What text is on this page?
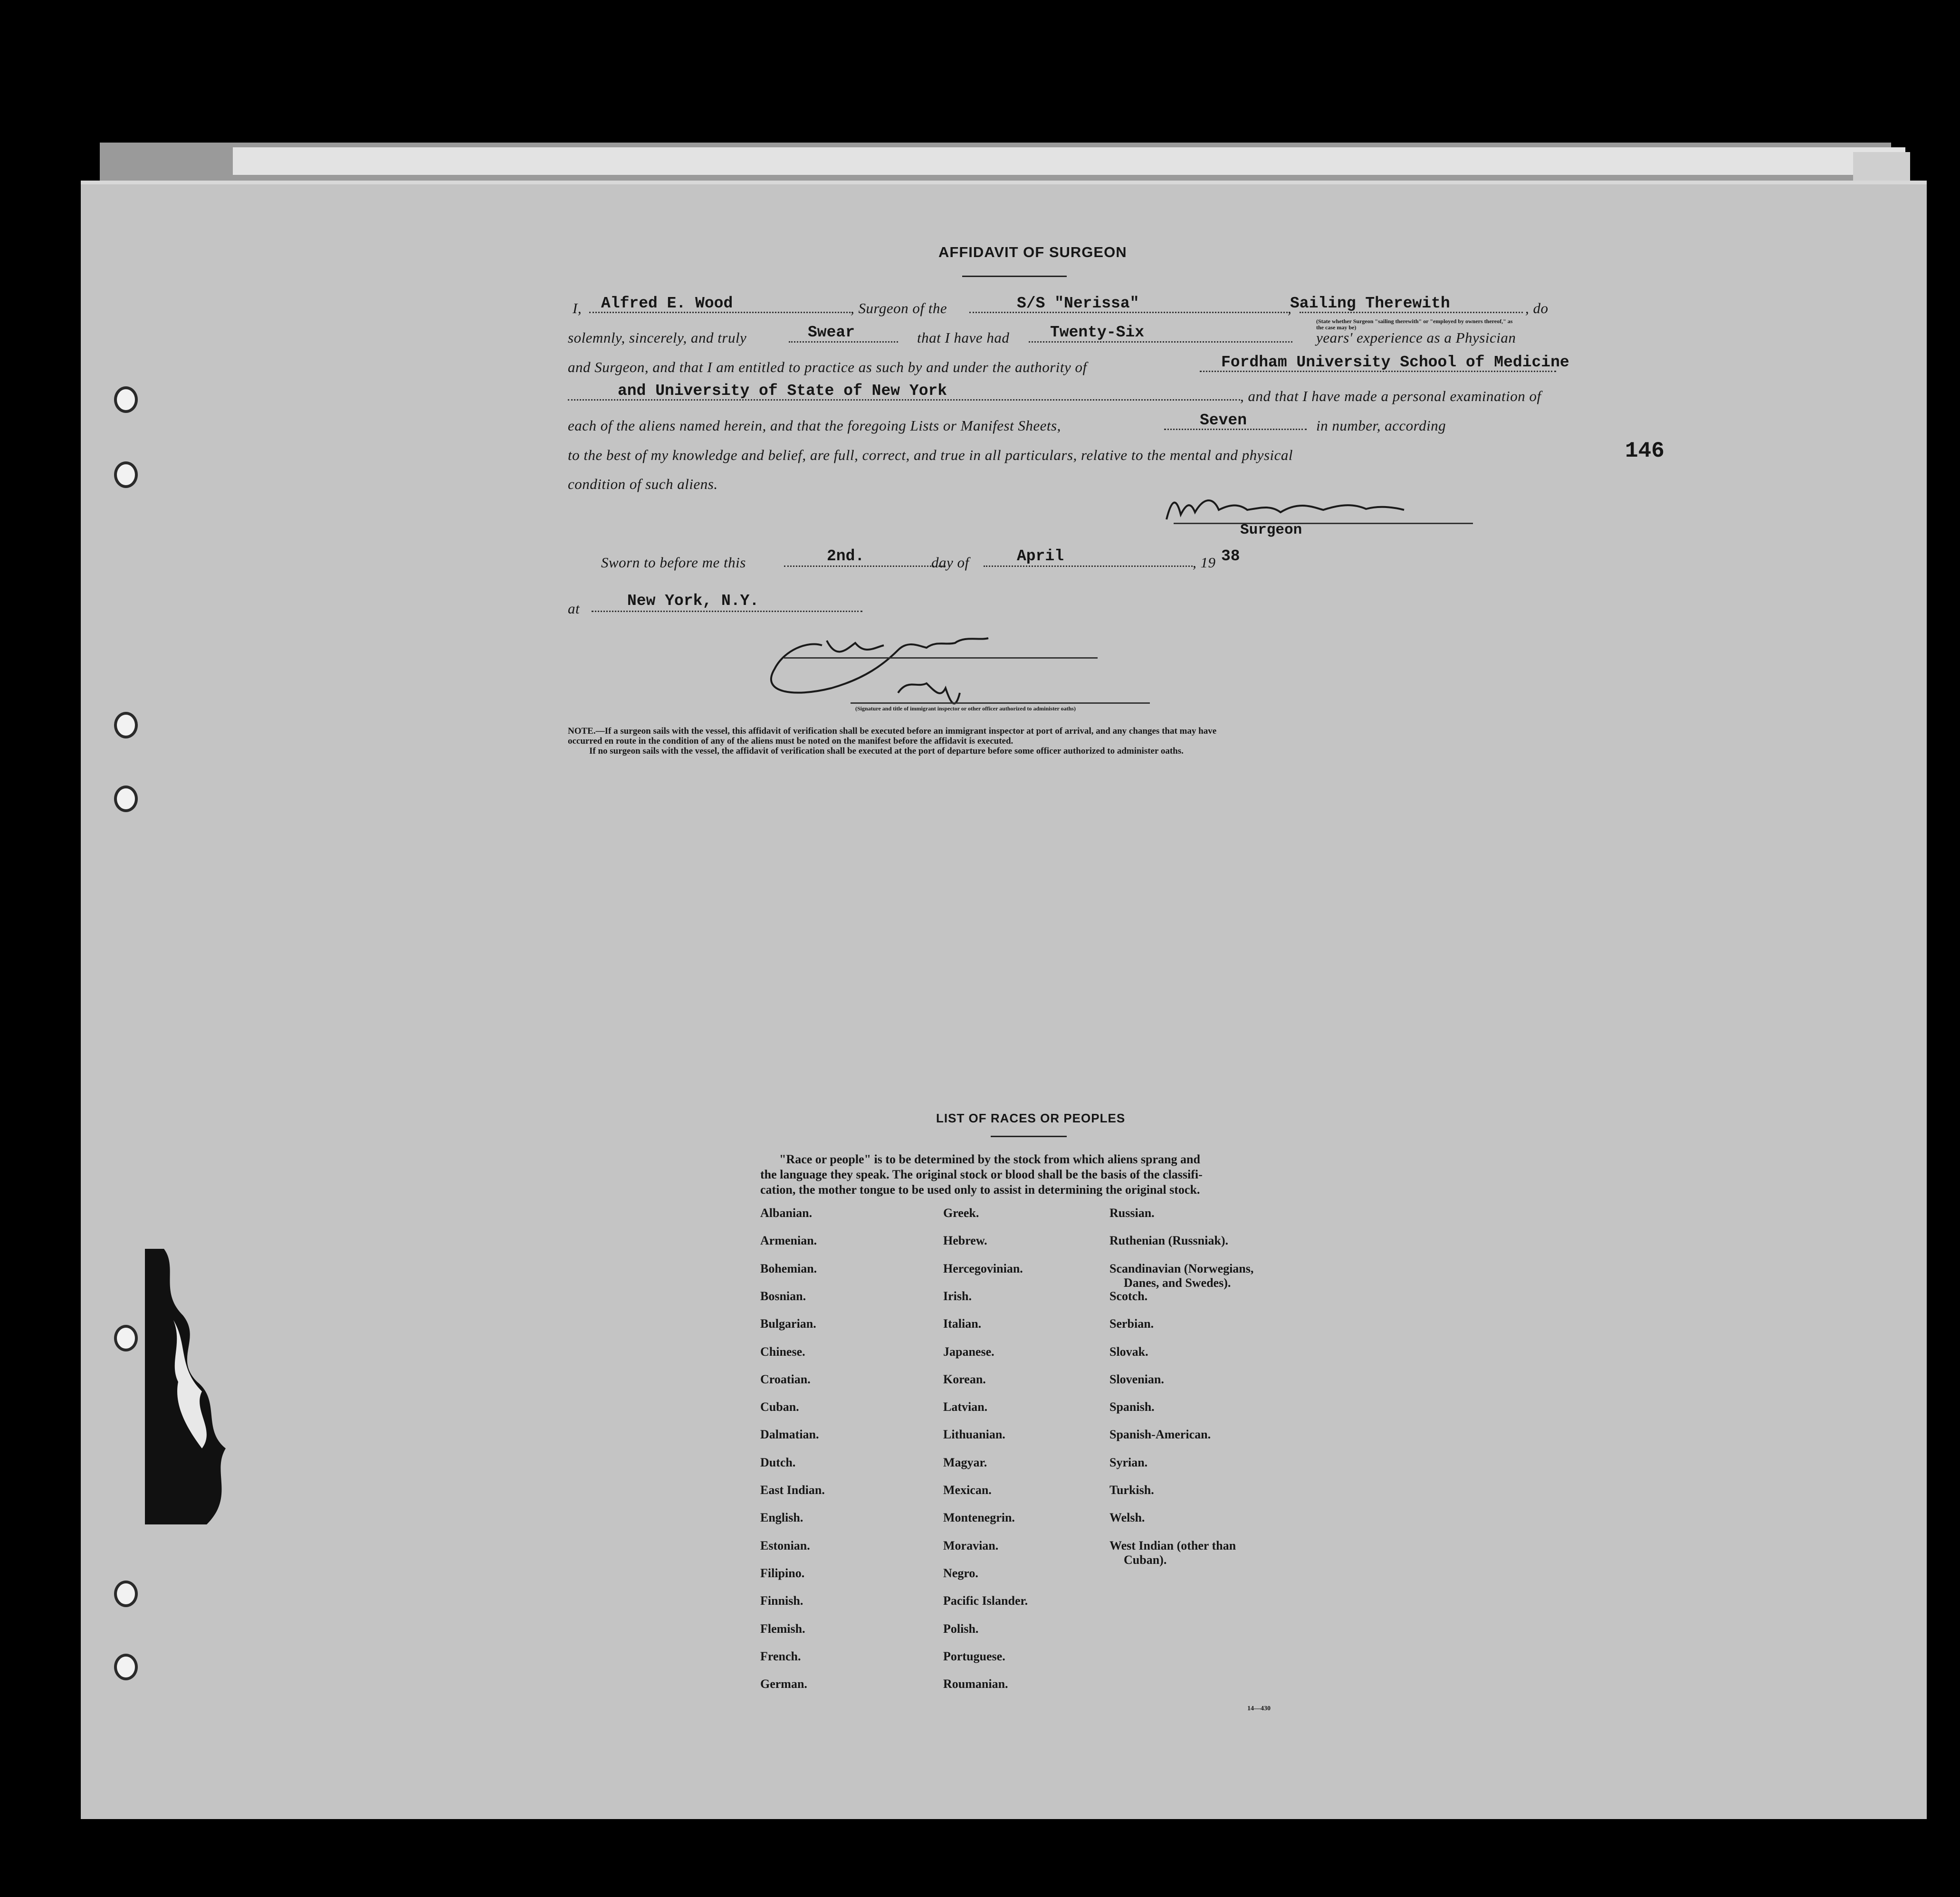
146
AFFIDAVIT OF SURGEON
I, Alfred E. Wood	, Surgeon of the	S/S "Nerissa"	,
Sailing Therewith	, do
(State whether Surgeon "sailing therewith" or "employed by owners thereof," as the case may be)
solemnly, sincerely, and truly	Swear	that I have had	Twenty-Six	years' experience as a Physician
and Surgeon, and that I am entitled to practice as such by and under the authority of	Fordham University School of Medicine
and University of State of New York	, and that I have made a personal examination of
each of the aliens named herein, and that the foregoing Lists or Manifest Sheets,	Seven	in number, according
to the best of my knowledge and belief, are full, correct, and true in all particulars, relative to the mental and physical
condition of such aliens.
Surgeon
Sworn to before me this	2nd.	day of	April	, 19 38
at	New York, N.Y.
(Signature and title of immigrant inspector or other officer authorized to administer oaths)
NOTE.—If a surgeon sails with the vessel, this affidavit of verification shall be executed before an immigrant inspector at port of arrival, and any changes that may have
occurred en route in the condition of any of the aliens must be noted on the manifest before the affidavit is executed.
If no surgeon sails with the vessel, the affidavit of verification shall be executed at the port of departure before some officer authorized to administer oaths.
LIST OF RACES OR PEOPLES
"Race or people" is to be determined by the stock from which aliens sprang and
the language they speak. The original stock or blood shall be the basis of the classifi-
cation, the mother tongue to be used only to assist in determining the original stock.
Albanian.
Armenian.
Bohemian.
Bosnian.
Bulgarian.
Chinese.
Croatian.
Cuban.
Dalmatian.
Dutch.
East Indian.
English.
Estonian.
Filipino.
Finnish.
Flemish.
French.
German.
Greek.
Hebrew.
Hercegovinian.
Irish.
Italian.
Japanese.
Korean.
Latvian.
Lithuanian.
Magyar.
Mexican.
Montenegrin.
Moravian.
Negro.
Pacific Islander.
Polish.
Portuguese.
Roumanian.
Russian.
Ruthenian (Russniak).
Scandinavian (Norwegians,
Danes, and Swedes).
Scotch.
Serbian.
Slovak.
Slovenian.
Spanish.
Spanish-American.
Syrian.
Turkish.
Welsh.
West Indian (other than
Cuban).
14—430
